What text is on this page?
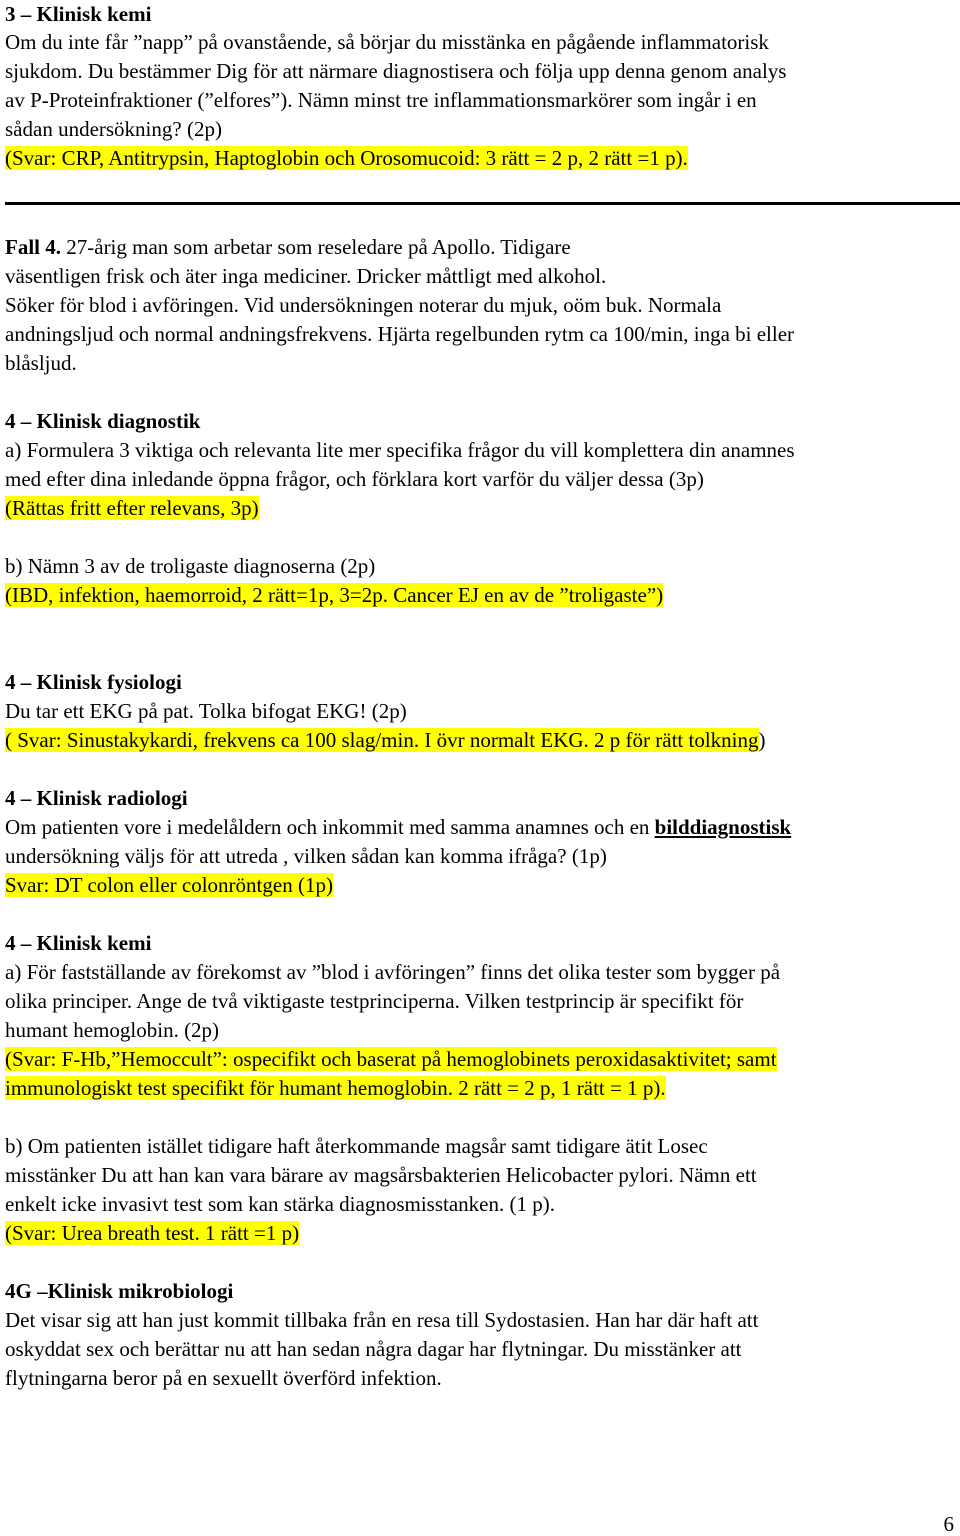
3 – Klinisk kemi
Om du inte får ”napp” på ovanstående, så börjar du misstänka en pågående inflammatorisk
sjukdom. Du bestämmer Dig för att närmare diagnostisera och följa upp denna genom analys
av P-Proteinfraktioner (”elfores”). Nämn minst tre inflammationsmarkörer som ingår i en
sådan undersökning? (2p)
(Svar: CRP, Antitrypsin, Haptoglobin och Orosomucoid: 3 rätt = 2 p, 2 rätt =1 p).
Fall 4. 27-årig man som arbetar som reseledare på Apollo. Tidigare
väsentligen frisk och äter inga mediciner. Dricker måttligt med alkohol.
Söker för blod i avföringen. Vid undersökningen noterar du mjuk, oöm buk. Normala
andningsljud och normal andningsfrekvens. Hjärta regelbunden rytm ca 100/min, inga bi eller
blåsljud.
4 – Klinisk diagnostik
a) Formulera 3 viktiga och relevanta lite mer specifika frågor du vill komplettera din anamnes
med efter dina inledande öppna frågor, och förklara kort varför du väljer dessa (3p)
(Rättas fritt efter relevans, 3p)
b) Nämn 3 av de troligaste diagnoserna (2p)
(IBD, infektion, haemorroid, 2 rätt=1p, 3=2p. Cancer EJ en av de ”troligaste”)
4 – Klinisk fysiologi
Du tar ett EKG på pat. Tolka bifogat EKG! (2p)
( Svar: Sinustakykardi, frekvens ca 100 slag/min. I övr normalt EKG. 2 p för rätt tolkning)
4 – Klinisk radiologi
Om patienten vore i medelåldern och inkommit med samma anamnes och en bilddiagnostisk
undersökning väljs för att utreda , vilken sådan kan komma ifråga? (1p)
Svar: DT colon eller colonröntgen (1p)
4 – Klinisk kemi
a) För fastställande av förekomst av ”blod i avföringen” finns det olika tester som bygger på
olika principer. Ange de två viktigaste testprinciperna. Vilken testprincip är specifikt för
humant hemoglobin. (2p)
(Svar: F-Hb,”Hemoccult”: ospecifikt och baserat på hemoglobinets peroxidasaktivitet; samt
immunologiskt test specifikt för humant hemoglobin. 2 rätt = 2 p, 1 rätt = 1 p).
b) Om patienten istället tidigare haft återkommande magsår samt tidigare ätit Losec
misstänker Du att han kan vara bärare av magsårsbakterien Helicobacter pylori. Nämn ett
enkelt icke invasivt test som kan stärka diagnosmisstanken. (1 p).
(Svar: Urea breath test. 1 rätt =1 p)
4G –Klinisk mikrobiologi
Det visar sig att han just kommit tillbaka från en resa till Sydostasien. Han har där haft att
oskyddat sex och berättar nu att han sedan några dagar har flytningar. Du misstänker att
flytningarna beror på en sexuellt överförd infektion.
6
